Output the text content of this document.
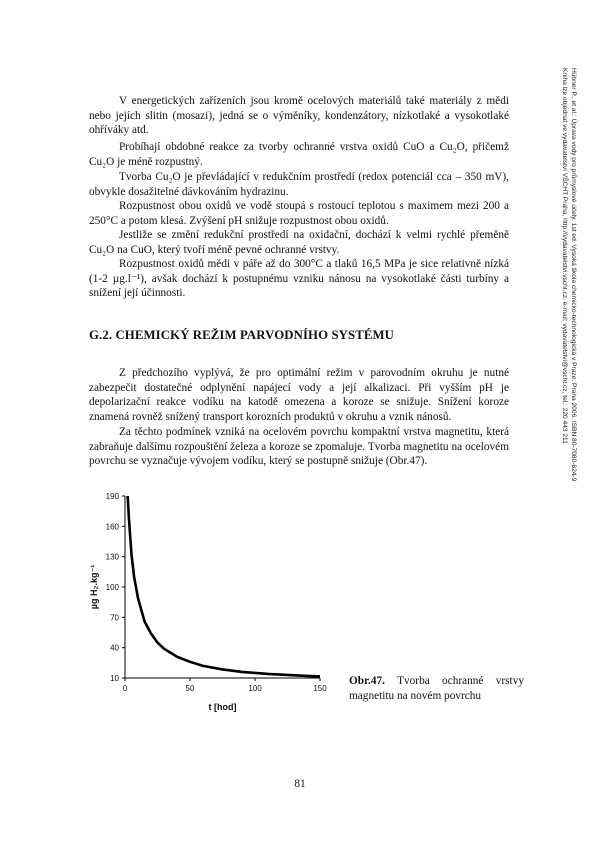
Hübner P., et al.: Úprava vody pro průmyslové účely. 1st ed. Vysoká škola chemicko-technologická v Praze, Praha 2006. ISBN 80-7080-624-9
Kniha lze objednat ve vydavatelství VŠCHT Praha, http://vydavatelstvi.vscht.cz, e-mail: vydavatelstvi@vscht.cz, tel.: 220 443 211

V energetických zařízeních jsou kromě ocelových materiálů také materiály z mědi nebo jejích slitin (mosazi), jedná se o výměníky, kondenzátory, nízkotlaké a vysokotlaké ohříváky atd.

Probíhají obdobné reakce za tvorby ochranné vrstva oxidů CuO a Cu₂O, přičemž Cu₂O je méně rozpustný.

Tvorba Cu₂O je převládající v redukčním prostředí (redox potenciál cca – 350 mV), obvykle dosažitelné dávkováním hydrazinu.

Rozpustnost obou oxidů ve vodě stoupá s rostoucí teplotou s maximem mezi 200 a 250°C a potom klesá. Zvýšení pH snižuje rozpustnost obou oxidů.

Jestliže se změní redukční prostředí na oxidační, dochází k velmi rychlé přeměně Cu₂O na CuO, který tvoří méně pevné ochranné vrstvy.

Rozpustnost oxidů mědi v páře až do 300°C a tlaků 16,5 MPa je sice relativně nízká (1-2 µg.l⁻¹), avšak dochází k postupnému vzniku nánosu na vysokotlaké části turbíny a snížení její účinnosti.

G.2. CHEMICKÝ REŽIM PARVODNÍHO SYSTÉMU

Z předchozího vyplývá, že pro optimální režim v parovodním okruhu je nutné zabezpečit dostatečné odplynění napájecí vody a její alkalizaci. Při vyšším pH je depolarizační reakce vodíku na katodě omezena a koroze se snižuje. Snížení koroze znamená rovněž snížený transport korozních produktů v okruhu a vznik nánosů.

Za těchto podmínek vzniká na ocelovém povrchu kompaktní vrstva magnetitu, která zabraňuje dalšímu rozpouštění železa a koroze se zpomaluje. Tvorba magnetitu na ocelovém povrchu se vyznačuje vývojem vodíku, který se postupně snižuje (Obr.47).

10
40
70
100
130
160
190
0	50	100	150
t [hod]
µg H₂.kg⁻¹

Obr.47. Tvorba ochranné vrstvy magnetitu na novém povrchu

81
